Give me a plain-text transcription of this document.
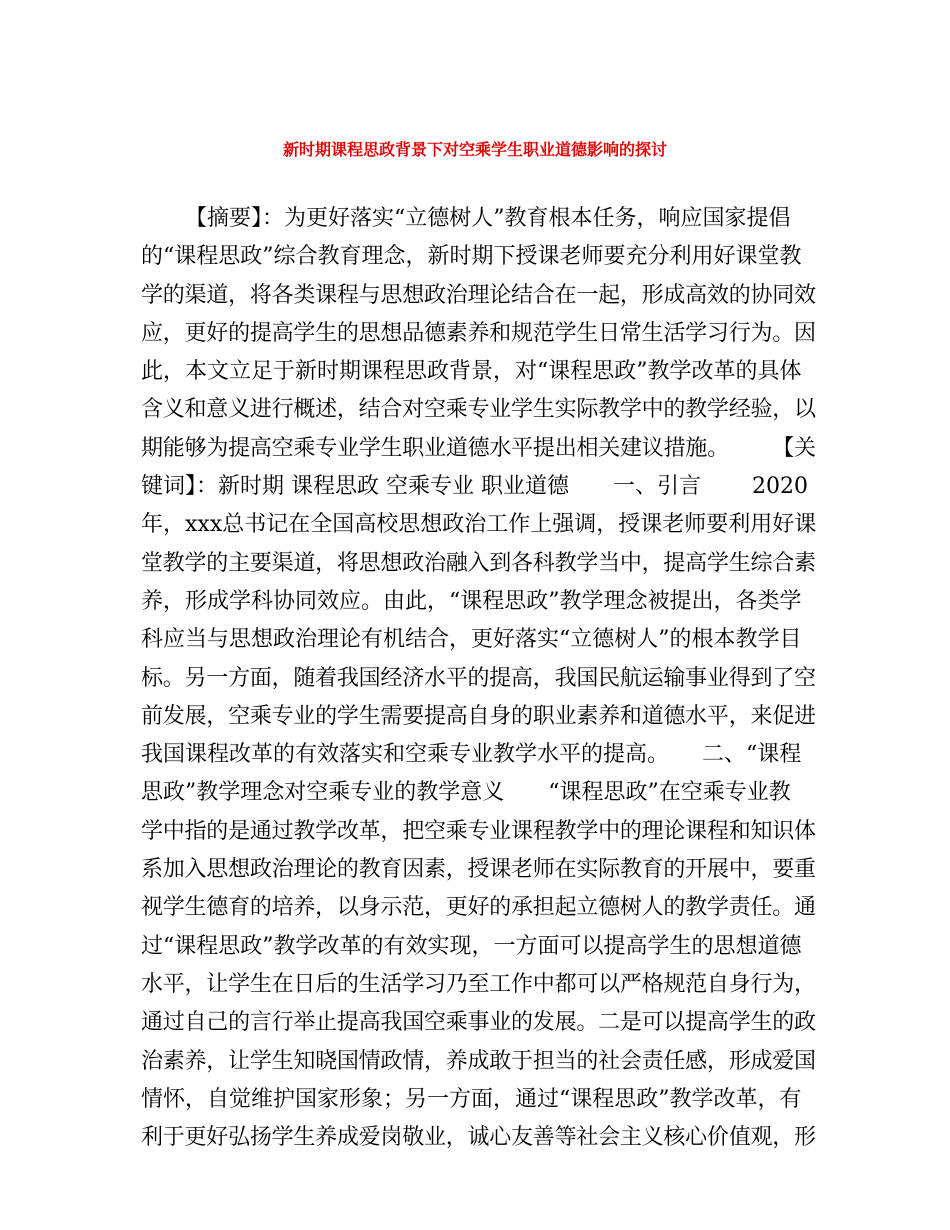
新时期课程思政背景下对空乘学生职业道德影响的探讨
【摘要】：为更好落实“立德树人”教育根本任务，响应国家提倡
的“课程思政”综合教育理念，新时期下授课老师要充分利用好课堂教
学的渠道，将各类课程与思想政治理论结合在一起，形成高效的协同效
应，更好的提高学生的思想品德素养和规范学生日常生活学习行为。因
此，本文立足于新时期课程思政背景，对“课程思政”教学改革的具体
含义和意义进行概述，结合对空乘专业学生实际教学中的教学经验，以
期能够为提高空乘专业学生职业道德水平提出相关建议措施。　　　【关
键词】：新时期 课程思政 空乘专业 职业道德　　一、引言　　 2020
年，xxx总书记在全国高校思想政治工作上强调，授课老师要利用好课
堂教学的主要渠道，将思想政治融入到各科教学当中，提高学生综合素
养，形成学科协同效应。由此，“课程思政”教学理念被提出，各类学
科应当与思想政治理论有机结合，更好落实“立德树人”的根本教学目
标。另一方面，随着我国经济水平的提高，我国民航运输事业得到了空
前发展，空乘专业的学生需要提高自身的职业素养和道德水平，来促进
我国课程改革的有效落实和空乘专业教学水平的提高。　　二、“课程
思政”教学理念对空乘专业的教学意义　　“课程思政”在空乘专业教
学中指的是通过教学改革，把空乘专业课程教学中的理论课程和知识体
系加入思想政治理论的教育因素，授课老师在实际教育的开展中，要重
视学生德育的培养，以身示范，更好的承担起立德树人的教学责任。通
过“课程思政”教学改革的有效实现，一方面可以提高学生的思想道德
水平，让学生在日后的生活学习乃至工作中都可以严格规范自身行为，
通过自己的言行举止提高我国空乘事业的发展。二是可以提高学生的政
治素养，让学生知晓国情政情，养成敢于担当的社会责任感，形成爱国
情怀，自觉维护国家形象；另一方面，通过“课程思政”教学改革，有
利于更好弘扬学生养成爱岗敬业，诚心友善等社会主义核心价值观，形
